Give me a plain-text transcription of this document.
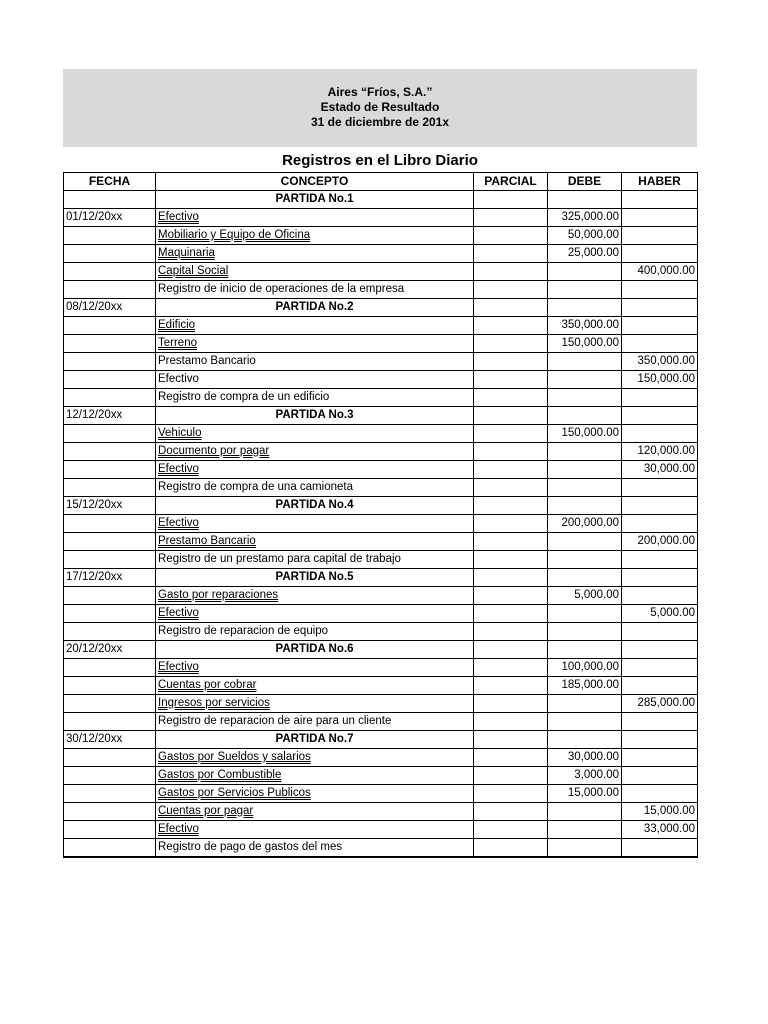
Aires “Fríos, S.A.”
Estado de Resultado
31 de diciembre de 201x
Registros en el Libro Diario
FECHA	CONCEPTO	PARCIAL	DEBE	HABER

	PARTIDA No.1			

01/12/20xx	Efectivo		325,000.00	
	Mobiliario y Equipo de Oficina		50,000.00	
	Maquinaria		25,000.00	
	Capital Social			400,000.00
	Registro de inicio de operaciones de la empresa			
08/12/20xx	PARTIDA No.2			

	Edificio		350,000.00	
	Terreno		150,000.00	
	Prestamo Bancario			350,000.00
	Efectivo			150,000.00
	Registro de compra de un edificio			
12/12/20xx	PARTIDA No.3			

	Vehiculo		150,000.00	
	Documento por pagar			120,000.00
	Efectivo			30,000.00
	Registro de compra de una camioneta			
15/12/20xx	PARTIDA No.4			

	Efectivo		200,000.00	
	Prestamo Bancario			200,000.00
	Registro de un prestamo para capital de trabajo			
17/12/20xx	PARTIDA No.5			

	Gasto por reparaciones		5,000.00	
	Efectivo			5,000.00
	Registro de reparacion de equipo			
20/12/20xx	PARTIDA No.6			

	Efectivo		100,000.00	
	Cuentas por cobrar		185,000.00	
	Ingresos por servicios			285,000.00
	Registro de reparacion de aire para un cliente			
30/12/20xx	PARTIDA No.7			

	Gastos por Sueldos y salarios		30,000.00	
	Gastos por Combustible		3,000.00	
	Gastos por Servicios Publicos		15,000.00	
	Cuentas por pagar			15,000.00
	Efectivo			33,000.00
	Registro de pago de gastos del mes			
